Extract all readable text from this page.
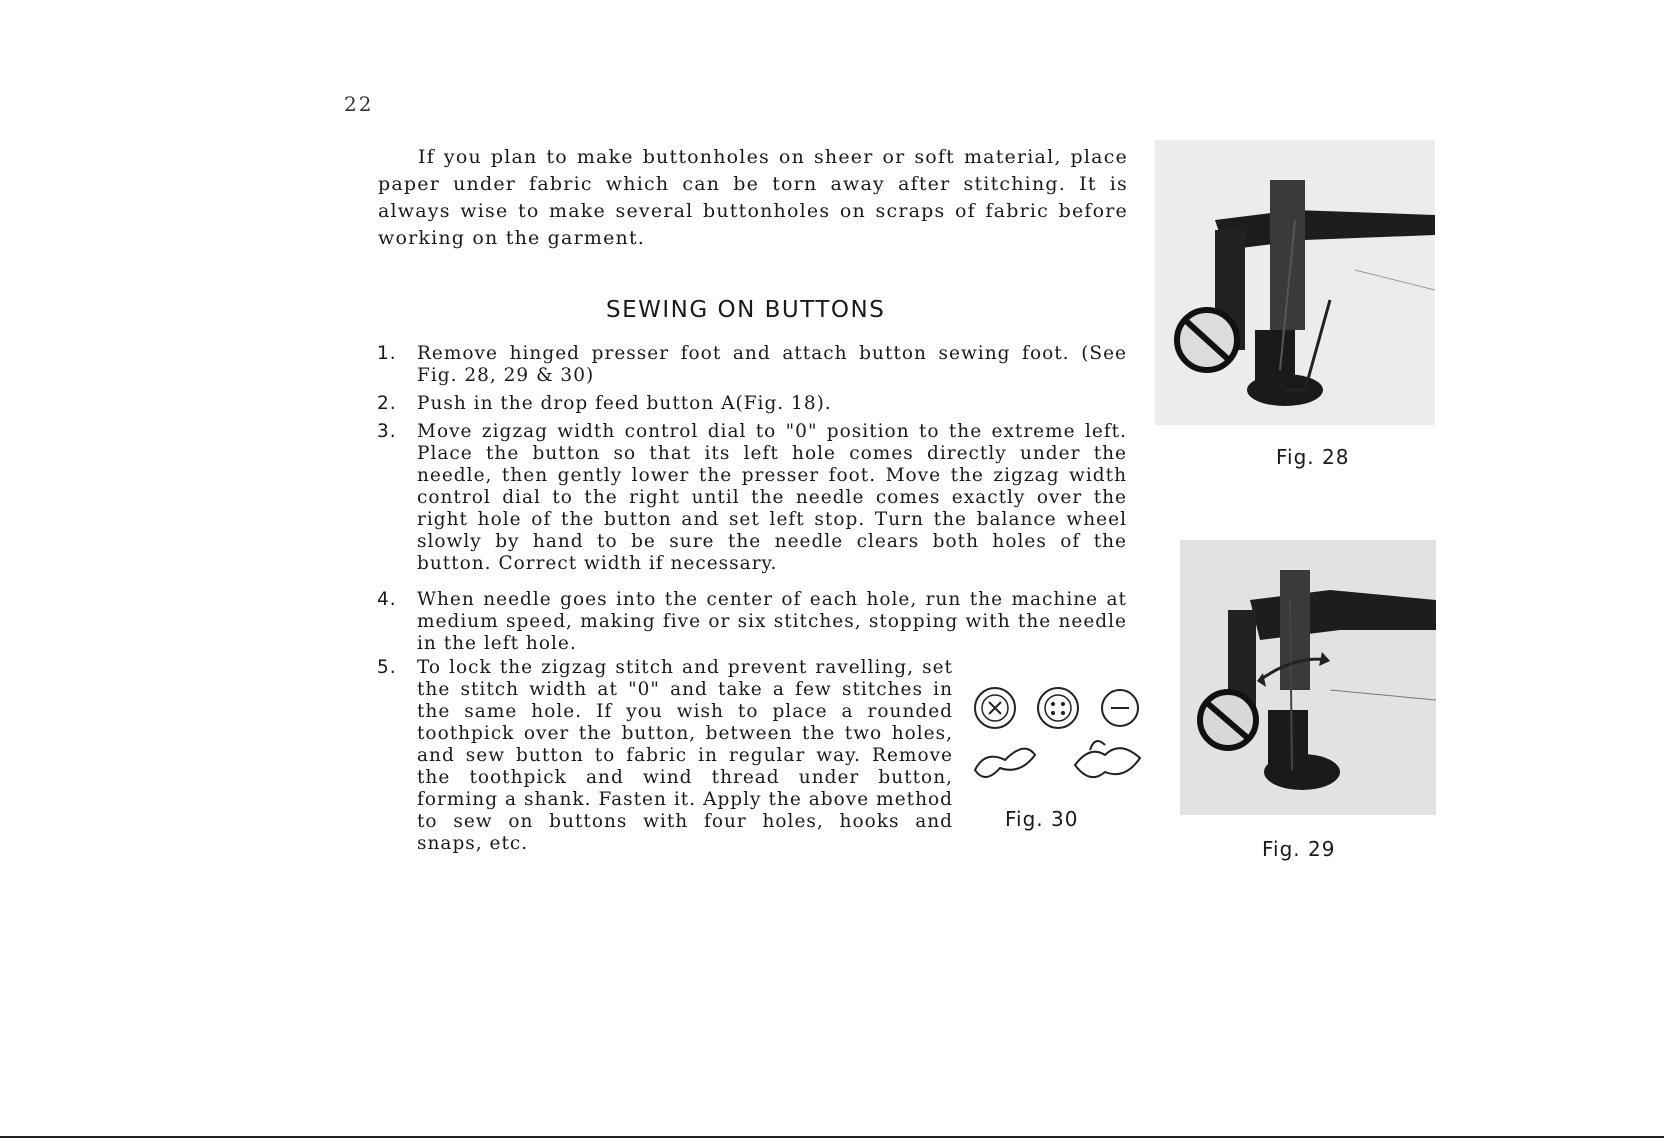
22

If you plan to make buttonholes on sheer or soft material, place paper under fabric which can be torn away after stitching. It is always wise to make several buttonholes on scraps of fabric before working on the garment.

SEWING ON BUTTONS
1. Remove hinged presser foot and attach button sewing foot. (See Fig. 28, 29 & 30)
2. Push in the drop feed button A(Fig. 18).
3. Move zigzag width control dial to "0" position to the extreme left. Place the button so that its left hole comes directly under the needle, then gently lower the presser foot. Move the zigzag width control dial to the right until the needle comes exactly over the right hole of the button and set left stop. Turn the balance wheel slowly by hand to be sure the needle clears both holes of the button. Correct width if necessary.
4. When needle goes into the center of each hole, run the machine at medium speed, making five or six stitches, stopping with the needle in the left hole.
5. To lock the zigzag stitch and prevent ravelling, set the stitch width at "0" and take a few stitches in the same hole. If you wish to place a rounded toothpick over the button, between the two holes, and sew button to fabric in regular way. Remove the toothpick and wind thread under button, forming a shank. Fasten it. Apply the above method to sew on buttons with four holes, hooks and snaps, etc.
Fig. 28
Fig. 29
Fig. 30
